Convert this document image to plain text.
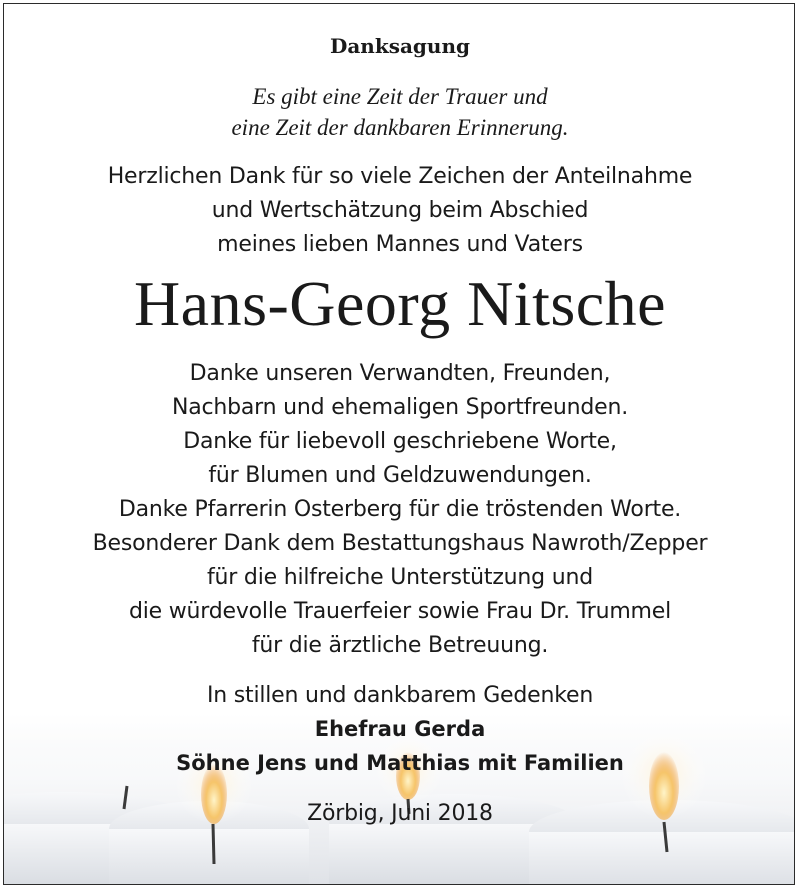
Danksagung
Es gibt eine Zeit der Trauer und
eine Zeit der dankbaren Erinnerung.
Herzlichen Dank für so viele Zeichen der Anteilnahme
und Wertschätzung beim Abschied
meines lieben Mannes und Vaters
Hans-Georg Nitsche
Danke unseren Verwandten, Freunden,
Nachbarn und ehemaligen Sportfreunden.
Danke für liebevoll geschriebene Worte,
für Blumen und Geldzuwendungen.
Danke Pfarrerin Osterberg für die tröstenden Worte.
Besonderer Dank dem Bestattungshaus Nawroth/Zepper
für die hilfreiche Unterstützung und
die würdevolle Trauerfeier sowie Frau Dr. Trummel
für die ärztliche Betreuung.
In stillen und dankbarem Gedenken
Ehefrau Gerda
Söhne Jens und Matthias mit Familien
Zörbig, Juni 2018
